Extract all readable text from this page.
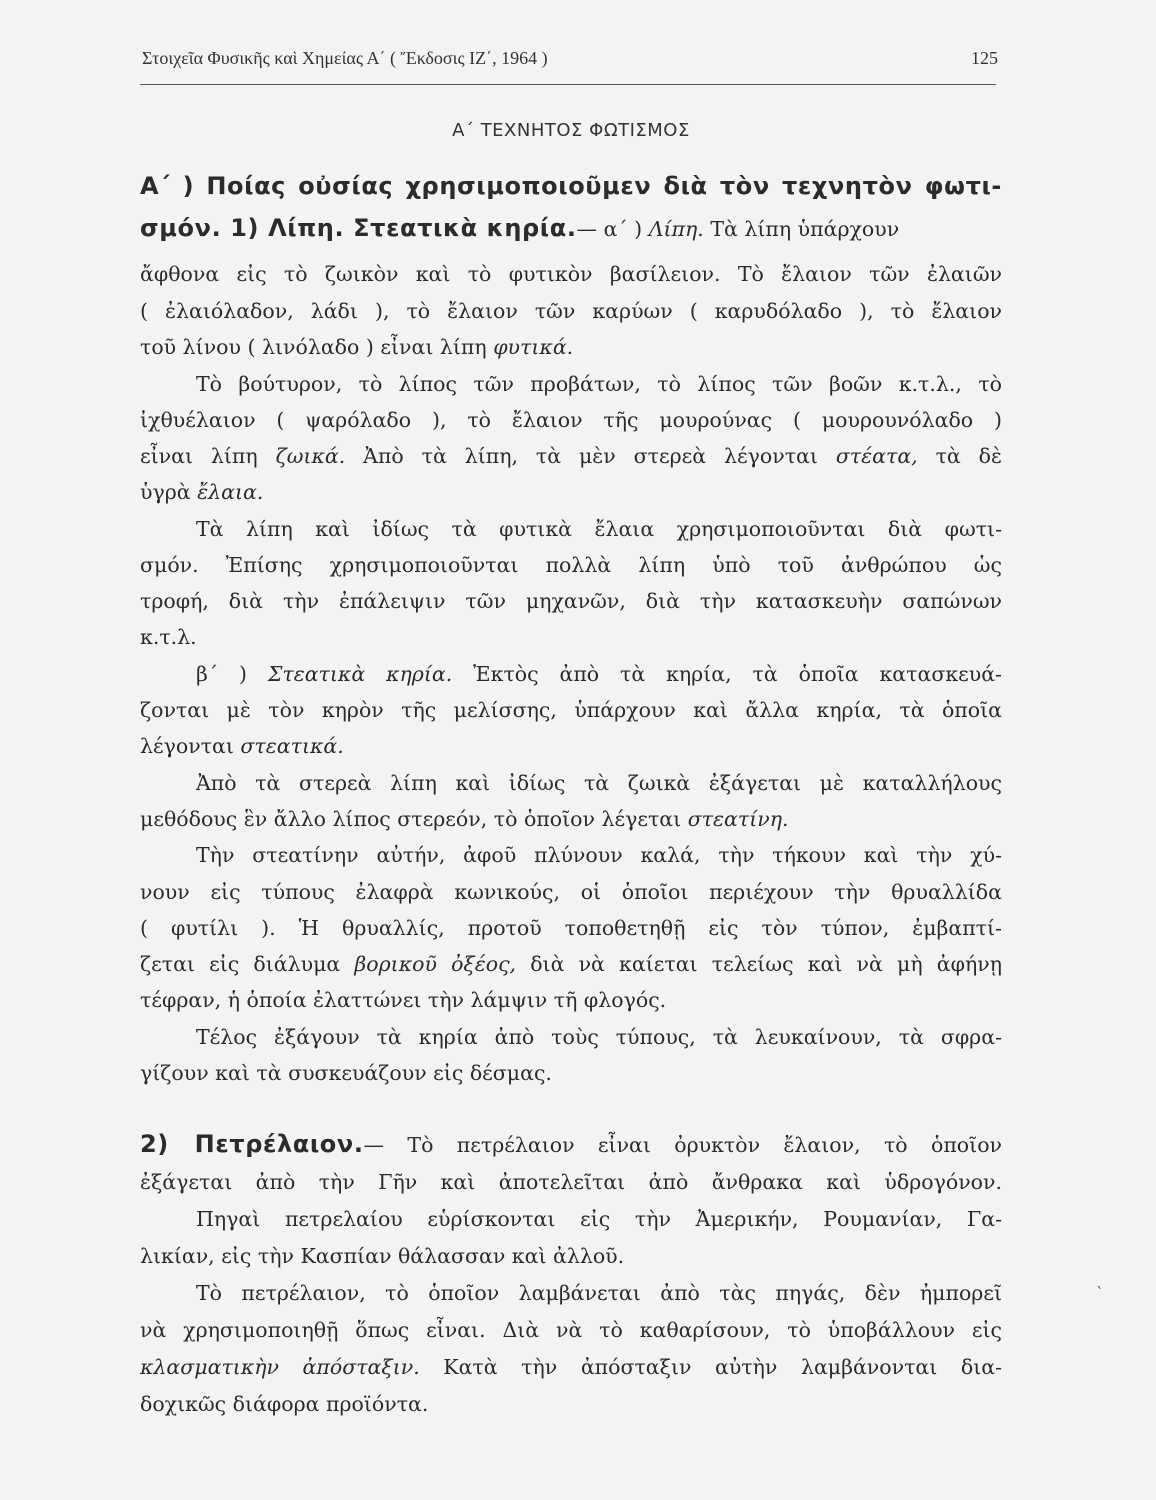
Στοιχεῖα Φυσικῆς καὶ Χημείας Α΄ ( Ἔκδοσις ΙΖ΄, 1964 )	125
Α΄ ΤΕΧΝΗΤΟΣ ΦΩΤΙΣΜΟΣ
Α΄ ) Ποίας οὐσίας χρησιμοποιοῦμεν διὰ τὸν τεχνητὸν φωτι-
σμόν. 1) Λίπη. Στεατικὰ κηρία.— α΄ ) Λίπη. Τὰ λίπη ὑπάρχουν
ἄφθονα εἰς τὸ ζωικὸν καὶ τὸ φυτικὸν βασίλειον. Τὸ ἔλαιον τῶν ἐλαιῶν
( ἐλαιόλαδον, λάδι ), τὸ ἔλαιον τῶν καρύων ( καρυδόλαδο ), τὸ ἔλαιον
τοῦ λίνου ( λινόλαδο ) εἶναι λίπη φυτικά.
Τὸ βούτυρον, τὸ λίπος τῶν προβάτων, τὸ λίπος τῶν βοῶν κ.τ.λ., τὸ
ἰχθυέλαιον ( ψαρόλαδο ), τὸ ἔλαιον τῆς μουρούνας ( μουρουνόλαδο )
εἶναι λίπη ζωικά. Ἀπὸ τὰ λίπη, τὰ μὲν στερεὰ λέγονται στέατα, τὰ δὲ
ὑγρὰ ἔλαια.
Τὰ λίπη καὶ ἰδίως τὰ φυτικὰ ἔλαια χρησιμοποιοῦνται διὰ φωτι-
σμόν. Ἐπίσης χρησιμοποιοῦνται πολλὰ λίπη ὑπὸ τοῦ ἀνθρώπου ὡς
τροφή, διὰ τὴν ἐπάλειψιν τῶν μηχανῶν, διὰ τὴν κατασκευὴν σαπώνων
κ.τ.λ.
β΄ ) Στεατικὰ κηρία. Ἐκτὸς ἀπὸ τὰ κηρία, τὰ ὁποῖα κατασκευά-
ζονται μὲ τὸν κηρὸν τῆς μελίσσης, ὑπάρχουν καὶ ἄλλα κηρία, τὰ ὁποῖα
λέγονται στεατικά.
Ἀπὸ τὰ στερεὰ λίπη καὶ ἰδίως τὰ ζωικὰ ἐξάγεται μὲ καταλλήλους
μεθόδους ἓν ἄλλο λίπος στερεόν, τὸ ὁποῖον λέγεται στεατίνη.
Τὴν στεατίνην αὐτήν, ἀφοῦ πλύνουν καλά, τὴν τήκουν καὶ τὴν χύ-
νουν εἰς τύπους ἐλαφρὰ κωνικούς, οἱ ὁποῖοι περιέχουν τὴν θρυαλλίδα
( φυτίλι ). Ἡ θρυαλλίς, προτοῦ τοποθετηθῇ εἰς τὸν τύπον, ἐμβαπτί-
ζεται εἰς διάλυμα βορικοῦ ὀξέος, διὰ νὰ καίεται τελείως καὶ νὰ μὴ ἀφήνῃ
τέφραν, ἡ ὁποία ἐλαττώνει τὴν λάμψιν τῆ φλογός.
Τέλος ἐξάγουν τὰ κηρία ἀπὸ τοὺς τύπους, τὰ λευκαίνουν, τὰ σφρα-
γίζουν καὶ τὰ συσκευάζουν εἰς δέσμας.
2) Πετρέλαιον.— Τὸ πετρέλαιον εἶναι ὀρυκτὸν ἔλαιον, τὸ ὁποῖον
ἐξάγεται ἀπὸ τὴν Γῆν καὶ ἀποτελεῖται ἀπὸ ἄνθρακα καὶ ὑδρογόνον.
Πηγαὶ πετρελαίου εὑρίσκονται εἰς τὴν Ἀμερικήν, Ρουμανίαν, Γα-
λικίαν, εἰς τὴν Κασπίαν θάλασσαν καὶ ἀλλοῦ.
Τὸ πετρέλαιον, τὸ ὁποῖον λαμβάνεται ἀπὸ τὰς πηγάς, δὲν ἠμπορεῖ
νὰ χρησιμοποιηθῇ ὅπως εἶναι. Διὰ νὰ τὸ καθαρίσουν, τὸ ὑποβάλλουν εἰς
κλασματικὴν ἀπόσταξιν. Κατὰ τὴν ἀπόσταξιν αὐτὴν λαμβάνονται δια-
δοχικῶς διάφορα προϊόντα.
`
